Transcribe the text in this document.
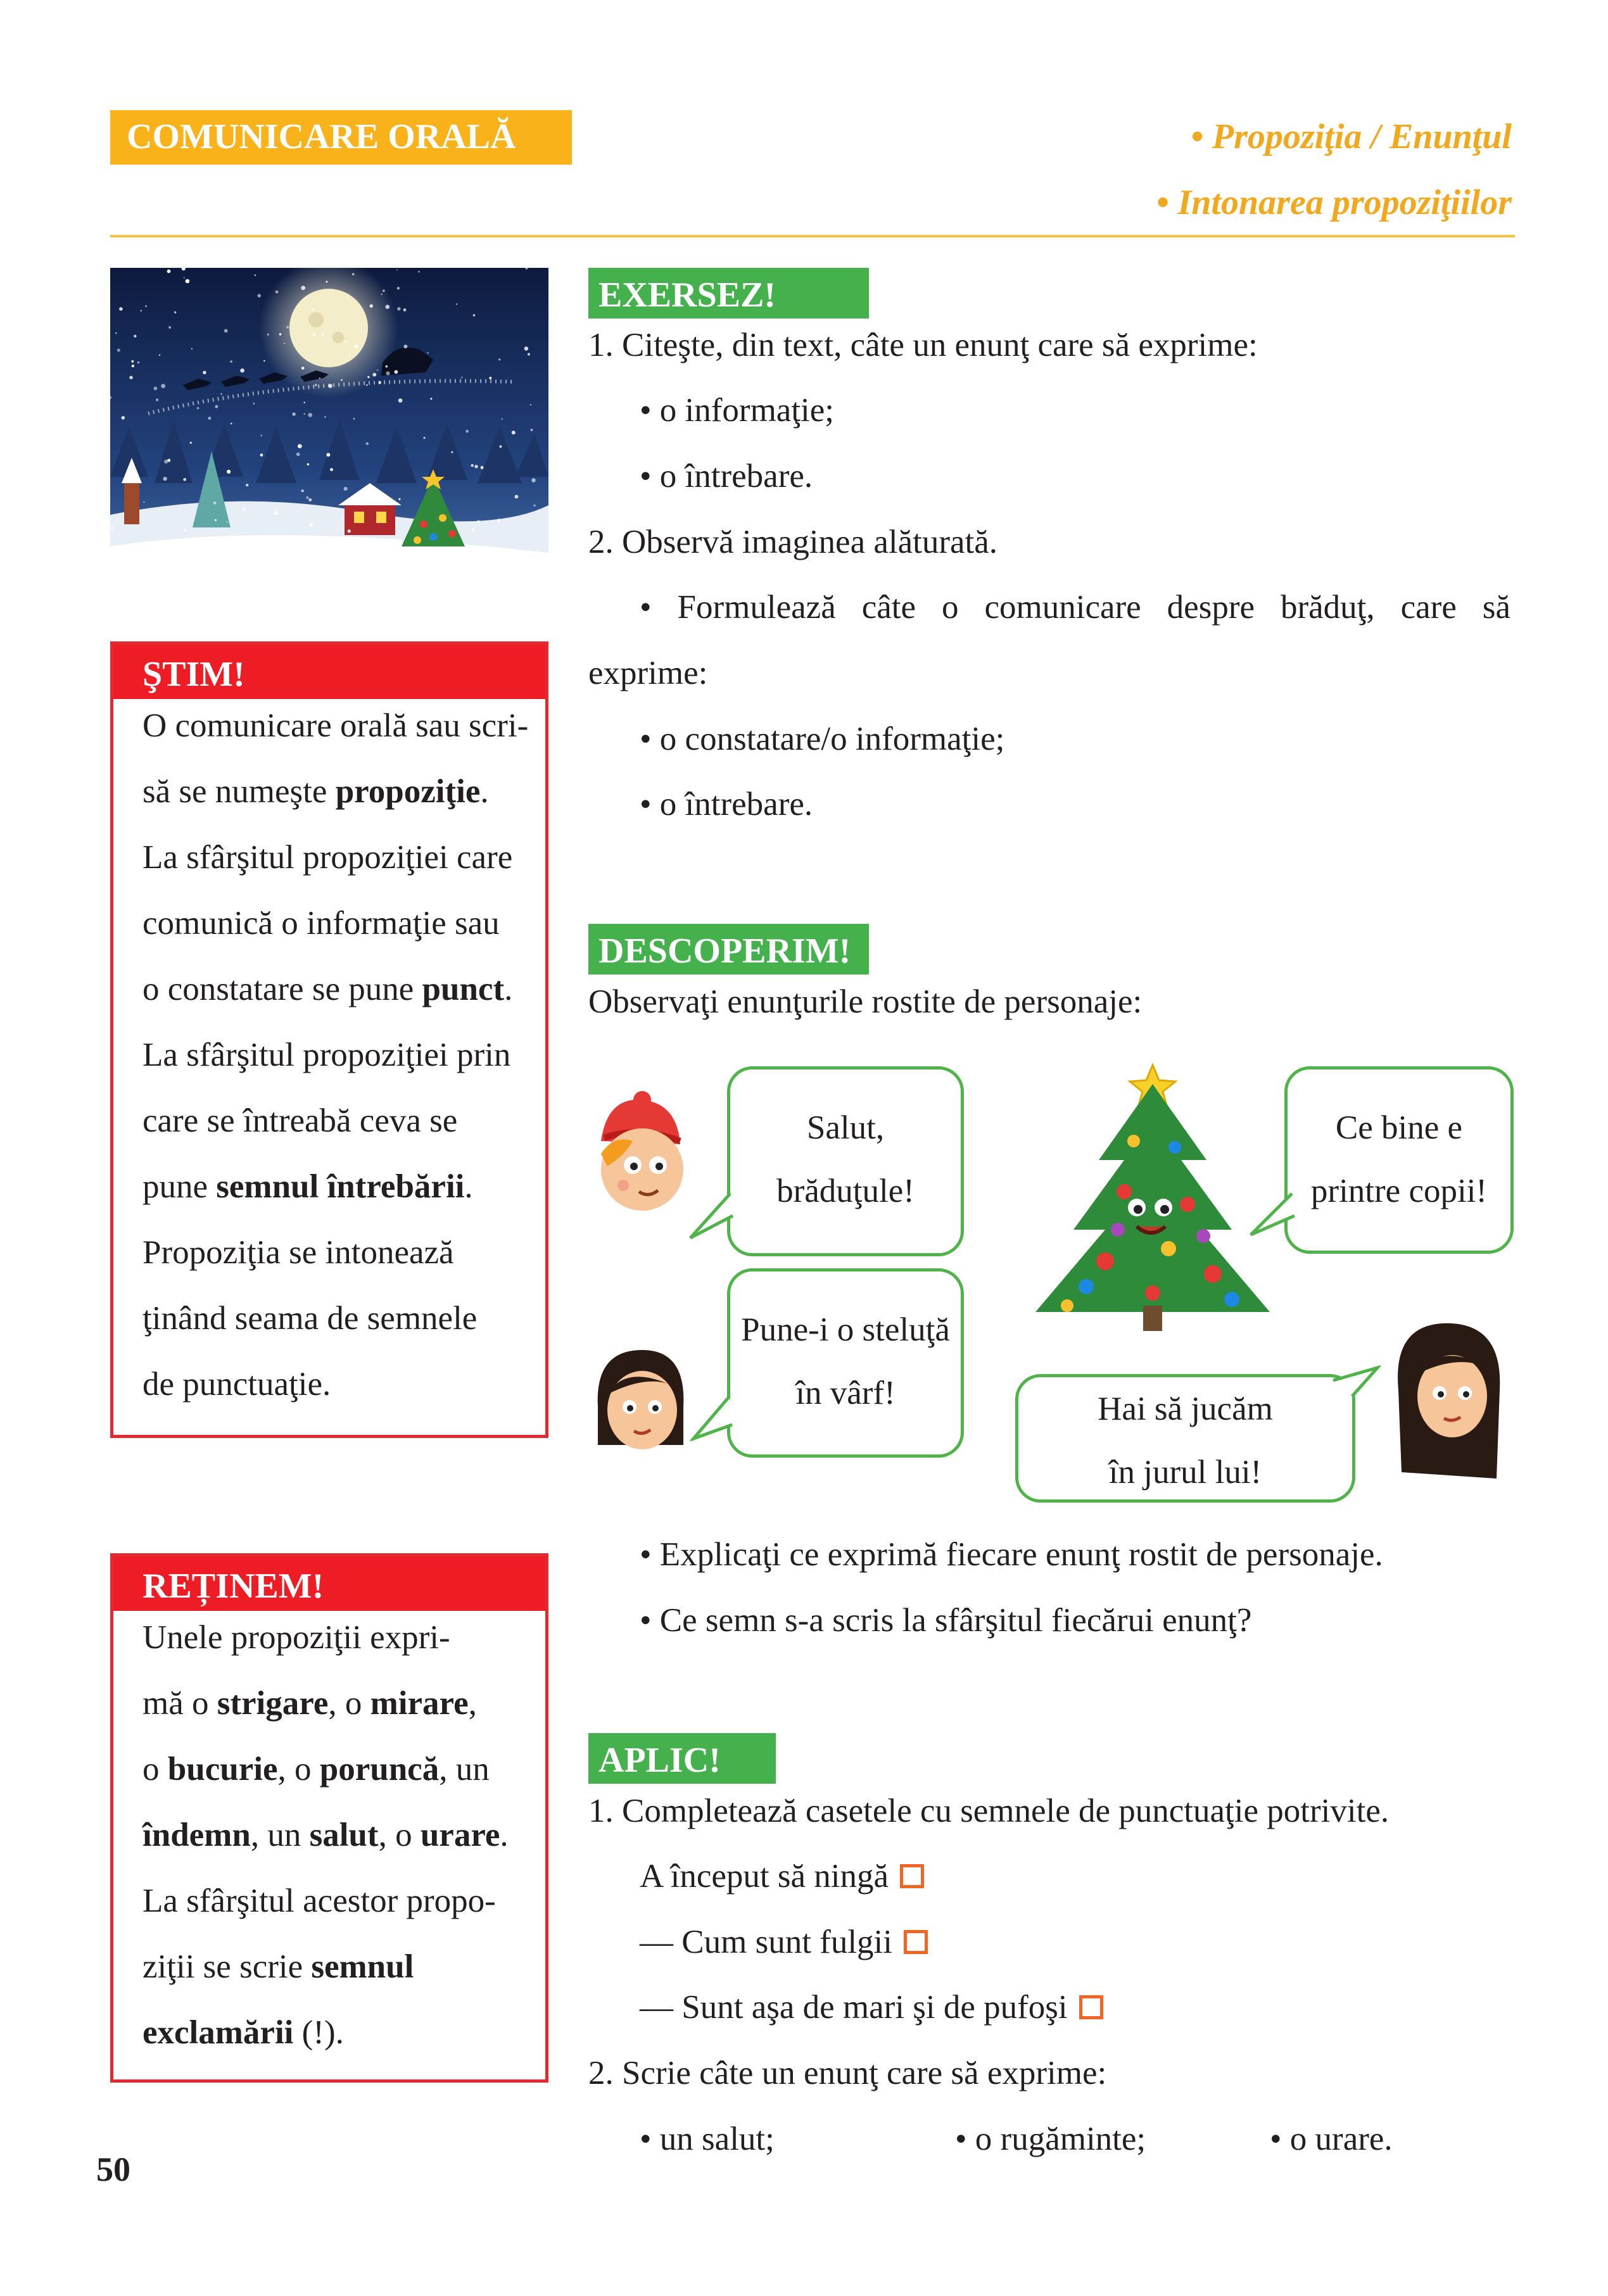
COMUNICARE ORALĂ	• Propoziţia / Enunţul
• Intonarea propoziţiilor
ŞTIM!
O comunicare orală sau scri-
să se numeşte propoziţie.
La sfârşitul propoziţiei care
comunică o informaţie sau
o constatare se pune punct.
La sfârşitul propoziţiei prin
care se întreabă ceva se
pune semnul întrebării.
Propoziţia se intonează
ţinând seama de semnele
de punctuaţie.
REȚINEM!
Unele propoziţii expri-
mă o strigare, o mirare,
o bucurie, o poruncă, un
îndemn, un salut, o urare.
La sfârşitul acestor propo-
ziţii se scrie semnul
exclamării (!).
EXERSEZ!
1. Citeşte, din text, câte un enunţ care să exprime:
• o informaţie;
• o întrebare.
2. Observă imaginea alăturată.
• Formulează câte o comunicare despre brăduţ, care să
exprime:
• o constatare/o informaţie;
• o întrebare.
DESCOPERIM!
Observaţi enunţurile rostite de personaje:
Salut,
brăduţule!
Ce bine e
printre copii!
Pune-i o steluţă
în vârf!	Hai să jucăm
în jurul lui!
• Explicaţi ce exprimă fiecare enunţ rostit de personaje.
• Ce semn s-a scris la sfârşitul fiecărui enunţ?
APLIC!
1. Completează casetele cu semnele de punctuaţie potrivite.
A început să ningă
— Cum sunt fulgii
— Sunt aşa de mari şi de pufoşi
2. Scrie câte un enunţ care să exprime:
• un salut;	• o rugăminte;	• o urare.
50
